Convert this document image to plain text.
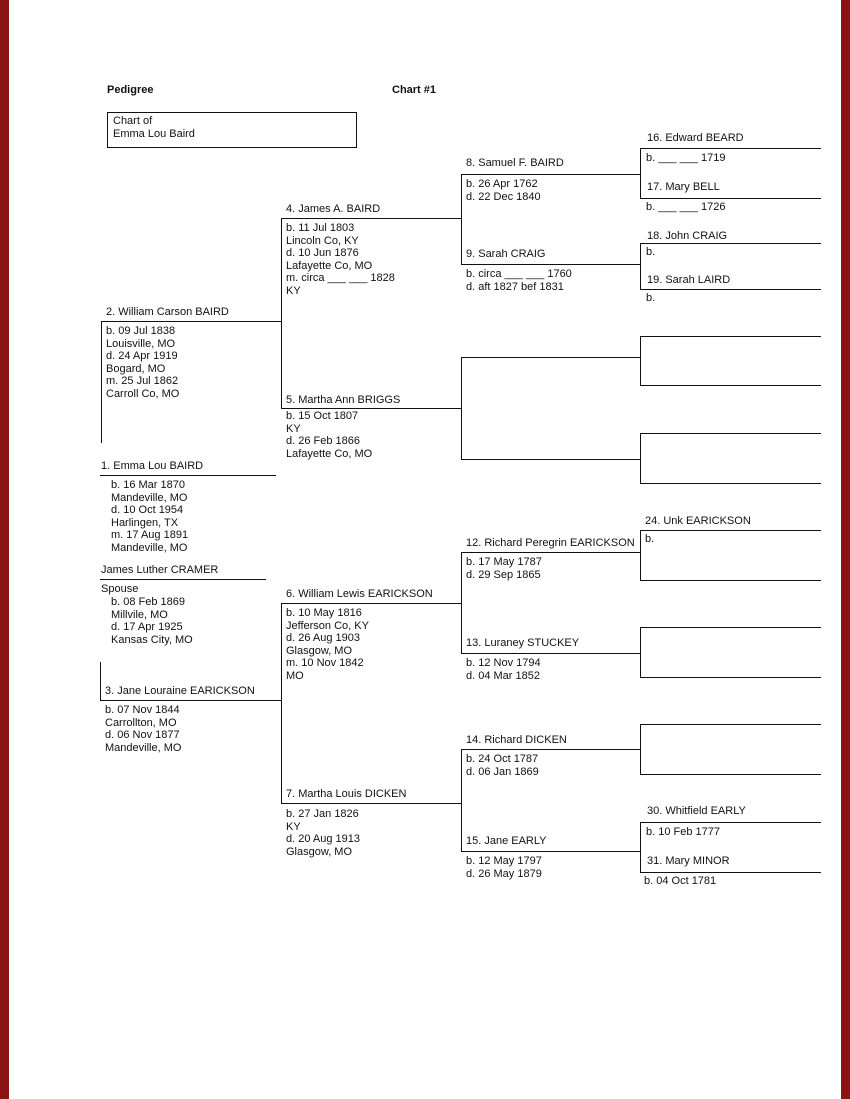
Pedigree	Chart #1
Chart of
Emma Lou Baird
1. Emma Lou BAIRD
b. 16 Mar 1870
Mandeville, MO
d. 10 Oct 1954
Harlingen, TX
m. 17 Aug 1891
Mandeville, MO
James Luther CRAMER
Spouse
b. 08 Feb 1869
Millvile, MO
d. 17 Apr 1925
Kansas City, MO
2. William Carson BAIRD
b. 09 Jul 1838
Louisville, MO
d. 24 Apr 1919
Bogard, MO
m. 25 Jul 1862
Carroll Co, MO
3. Jane Louraine EARICKSON
b. 07 Nov 1844
Carrollton, MO
d. 06 Nov 1877
Mandeville, MO
4. James A. BAIRD
b. 11 Jul 1803
Lincoln Co, KY
d. 10 Jun 1876
Lafayette Co, MO
m. circa ___ ___ 1828
KY
5. Martha Ann BRIGGS
b. 15 Oct 1807
KY
d. 26 Feb 1866
Lafayette Co, MO
6. William Lewis EARICKSON
b. 10 May 1816
Jefferson Co, KY
d. 26 Aug 1903
Glasgow, MO
m. 10 Nov 1842
MO
7. Martha Louis DICKEN
b. 27 Jan 1826
KY
d. 20 Aug 1913
Glasgow, MO
8. Samuel F. BAIRD
b. 26 Apr 1762
d. 22 Dec 1840
9. Sarah CRAIG
b. circa ___ ___ 1760
d. aft 1827 bef 1831
12. Richard Peregrin EARICKSON
b. 17 May 1787
d. 29 Sep 1865
13. Luraney STUCKEY
b. 12 Nov 1794
d. 04 Mar 1852
14. Richard DICKEN
b. 24 Oct 1787
d. 06 Jan 1869
15. Jane EARLY
b. 12 May 1797
d. 26 May 1879
16. Edward BEARD
b. ___ ___ 1719
17. Mary BELL
b. ___ ___ 1726
18. John CRAIG
b.
19. Sarah LAIRD
b.
24. Unk EARICKSON
b.
30. Whitfield EARLY
b. 10 Feb 1777
31. Mary MINOR
b. 04 Oct 1781
